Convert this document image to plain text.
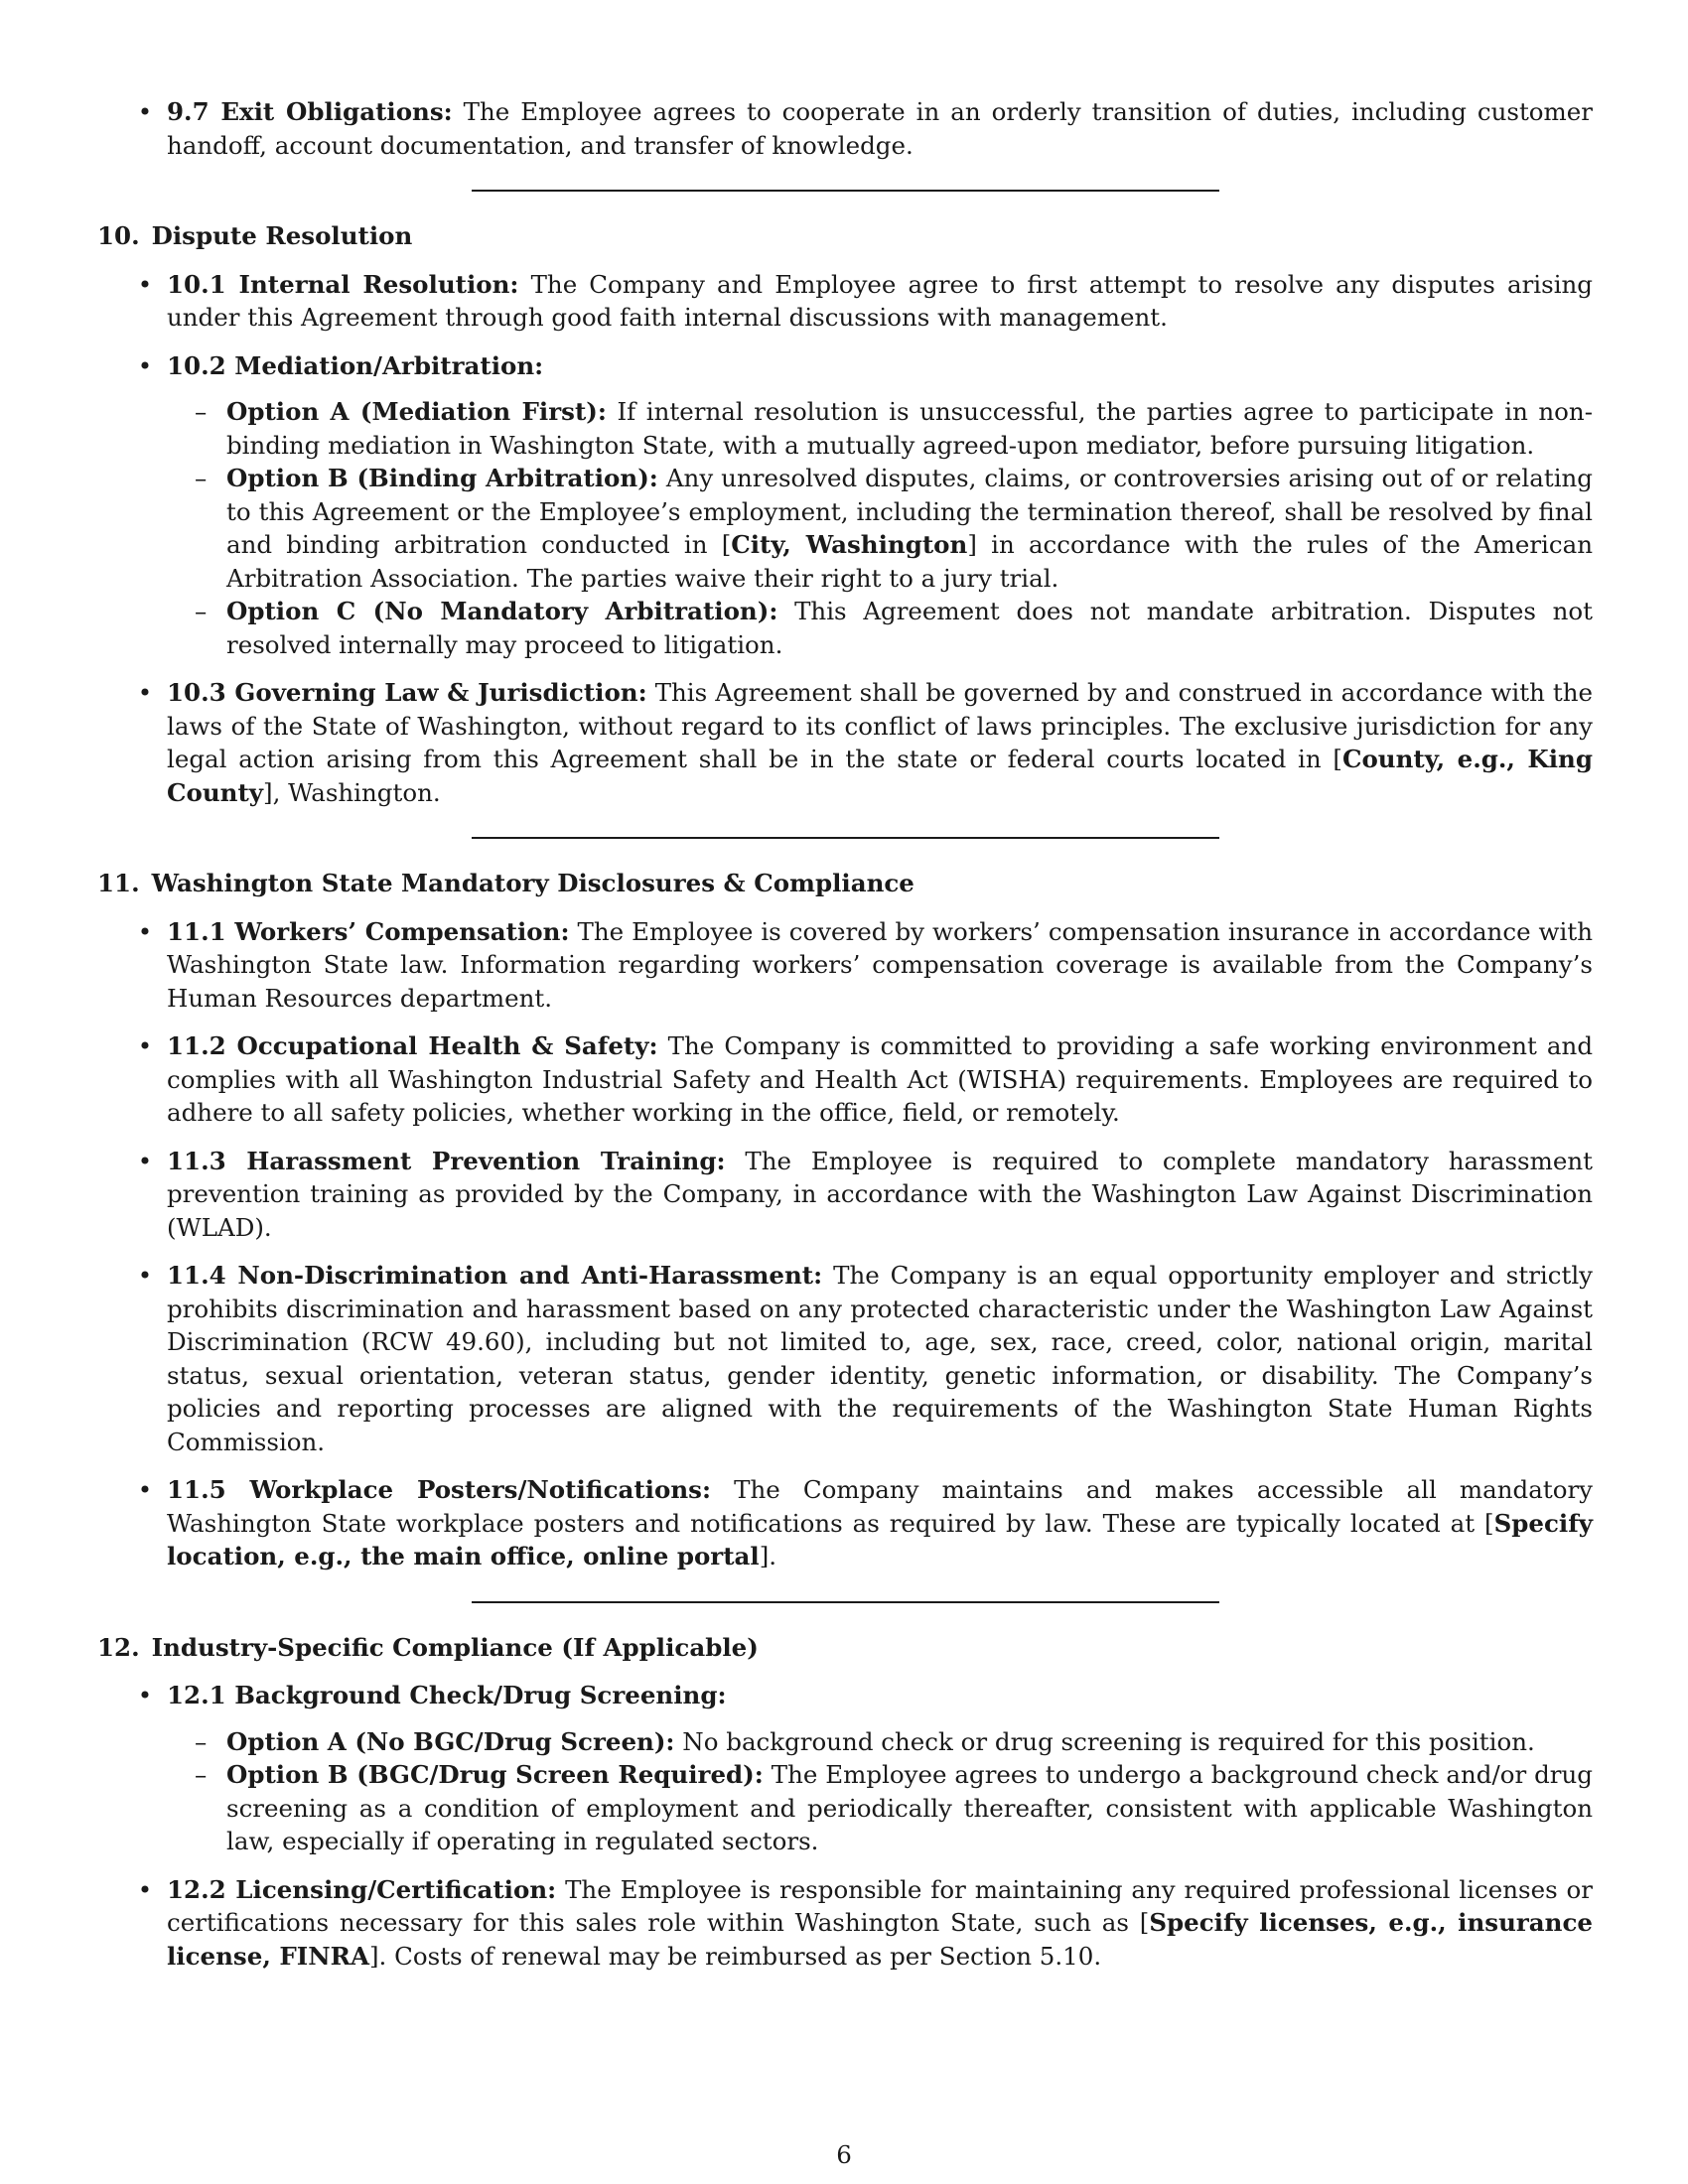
• 9.7 Exit Obligations: The Employee agrees to cooperate in an orderly transition of duties, including customer handoff, account documentation, and transfer of knowledge.
10. Dispute Resolution
• 10.1 Internal Resolution: The Company and Employee agree to first attempt to resolve any disputes arising under this Agreement through good faith internal discussions with management.
• 10.2 Mediation/Arbitration:
– Option A (Mediation First): If internal resolution is unsuccessful, the parties agree to participate in non-binding mediation in Washington State, with a mutually agreed-upon mediator, before pursuing litigation.
– Option B (Binding Arbitration): Any unresolved disputes, claims, or controversies arising out of or relating to this Agreement or the Employee’s employment, including the termination thereof, shall be resolved by final and binding arbitration conducted in [City, Washington] in accordance with the rules of the American Arbitration Association. The parties waive their right to a jury trial.
– Option C (No Mandatory Arbitration): This Agreement does not mandate arbitration. Disputes not resolved internally may proceed to litigation.
• 10.3 Governing Law & Jurisdiction: This Agreement shall be governed by and construed in accordance with the laws of the State of Washington, without regard to its conflict of laws principles. The exclusive jurisdiction for any legal action arising from this Agreement shall be in the state or federal courts located in [County, e.g., King County], Washington.
11. Washington State Mandatory Disclosures & Compliance
• 11.1 Workers’ Compensation: The Employee is covered by workers’ compensation insurance in accordance with Washington State law. Information regarding workers’ compensation coverage is available from the Company’s Human Resources department.
• 11.2 Occupational Health & Safety: The Company is committed to providing a safe working environment and complies with all Washington Industrial Safety and Health Act (WISHA) requirements. Employees are required to adhere to all safety policies, whether working in the office, field, or remotely.
• 11.3 Harassment Prevention Training: The Employee is required to complete mandatory harassment prevention training as provided by the Company, in accordance with the Washington Law Against Discrimination (WLAD).
• 11.4 Non-Discrimination and Anti-Harassment: The Company is an equal opportunity employer and strictly prohibits discrimination and harassment based on any protected characteristic under the Washington Law Against Discrimination (RCW 49.60), including but not limited to, age, sex, race, creed, color, national origin, marital status, sexual orientation, veteran status, gender identity, genetic information, or disability. The Company’s policies and reporting processes are aligned with the requirements of the Washington State Human Rights Commission.
• 11.5 Workplace Posters/Notifications: The Company maintains and makes accessible all mandatory Washington State workplace posters and notifications as required by law. These are typically located at [Specify location, e.g., the main office, online portal].
12. Industry-Specific Compliance (If Applicable)
• 12.1 Background Check/Drug Screening:
– Option A (No BGC/Drug Screen): No background check or drug screening is required for this position.
– Option B (BGC/Drug Screen Required): The Employee agrees to undergo a background check and/or drug screening as a condition of employment and periodically thereafter, consistent with applicable Washington law, especially if operating in regulated sectors.
• 12.2 Licensing/Certification: The Employee is responsible for maintaining any required professional licenses or certifications necessary for this sales role within Washington State, such as [Specify licenses, e.g., insurance license, FINRA]. Costs of renewal may be reimbursed as per Section 5.10.
6
